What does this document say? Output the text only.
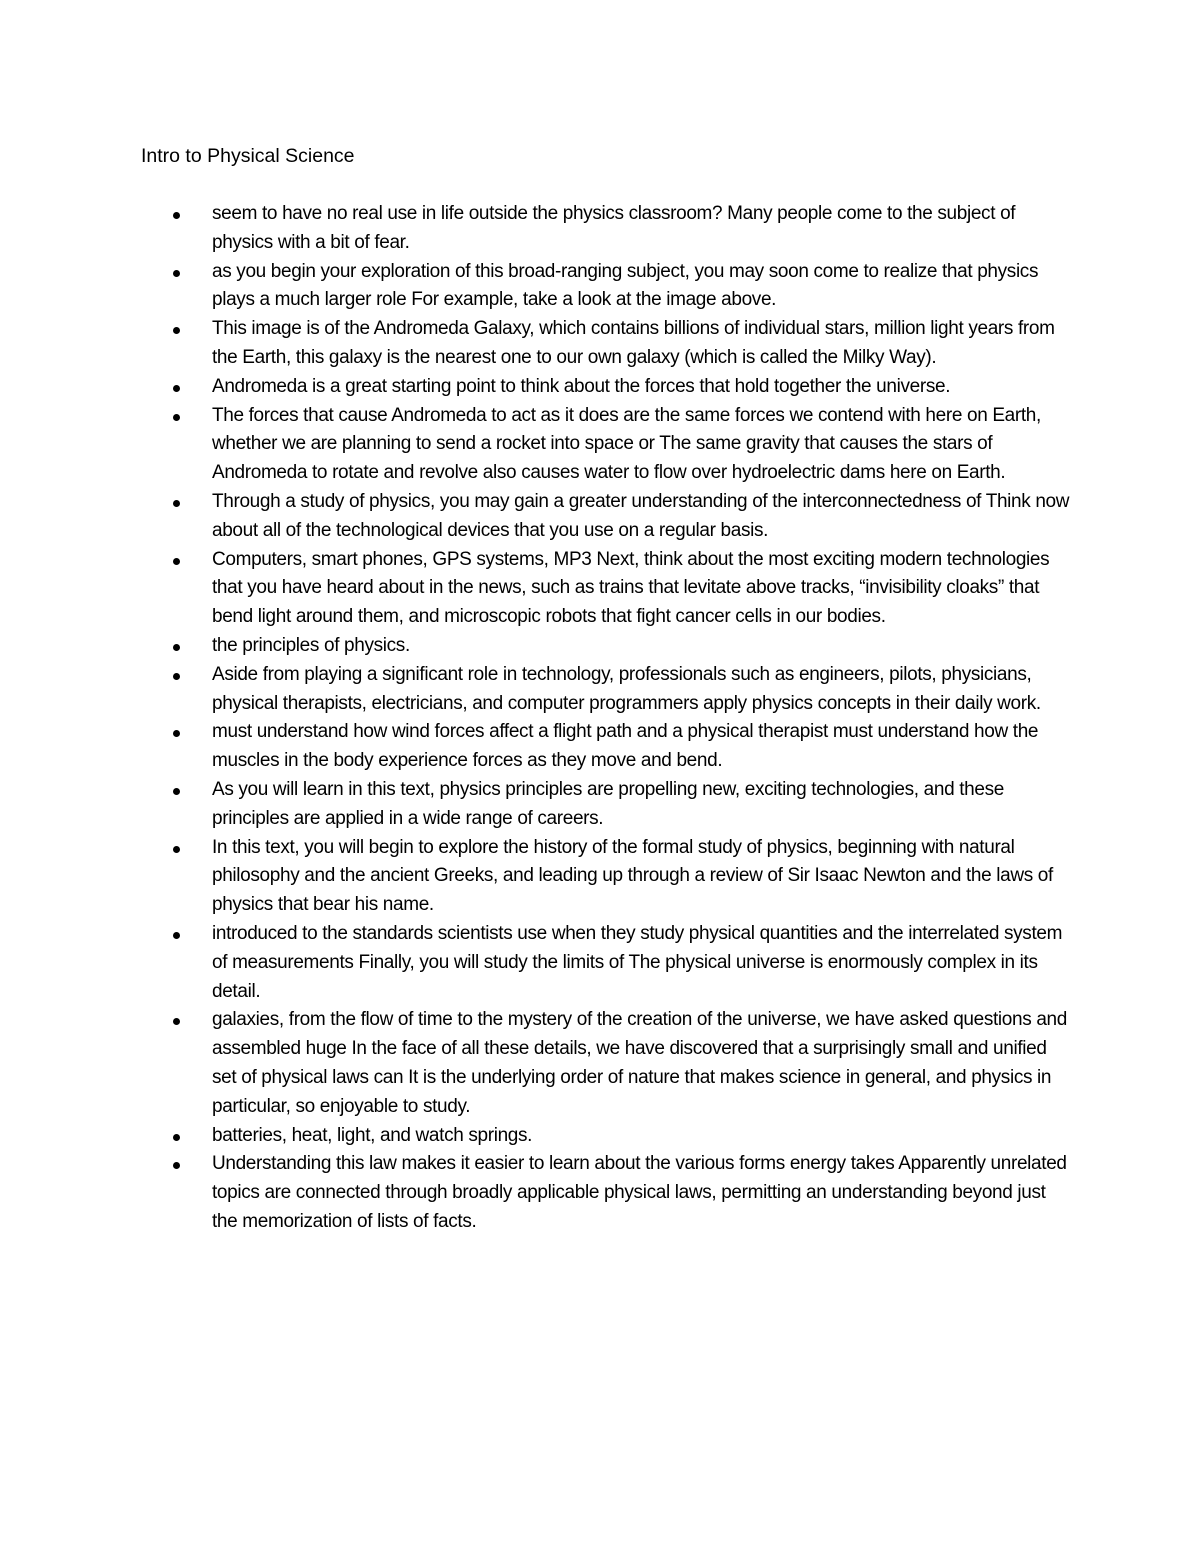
Intro to Physical Science
seem to have no real use in life outside the physics classroom? Many people come to the subject of physics with a bit of fear.
as you begin your exploration of this broad-ranging subject, you may soon come to realize that physics plays a much larger role For example, take a look at the image above.
This image is of the Andromeda Galaxy, which contains billions of individual stars, million light years from the Earth, this galaxy is the nearest one to our own galaxy (which is called the Milky Way).
Andromeda is a great starting point to think about the forces that hold together the universe.
The forces that cause Andromeda to act as it does are the same forces we contend with here on Earth, whether we are planning to send a rocket into space or The same gravity that causes the stars of Andromeda to rotate and revolve also causes water to flow over hydroelectric dams here on Earth.
Through a study of physics, you may gain a greater understanding of the interconnectedness of Think now about all of the technological devices that you use on a regular basis.
Computers, smart phones, GPS systems, MP3 Next, think about the most exciting modern technologies that you have heard about in the news, such as trains that levitate above tracks, “invisibility cloaks” that bend light around them, and microscopic robots that fight cancer cells in our bodies.
the principles of physics.
Aside from playing a significant role in technology, professionals such as engineers, pilots, physicians, physical therapists, electricians, and computer programmers apply physics concepts in their daily work.
must understand how wind forces affect a flight path and a physical therapist must understand how the muscles in the body experience forces as they move and bend.
As you will learn in this text, physics principles are propelling new, exciting technologies, and these principles are applied in a wide range of careers.
In this text, you will begin to explore the history of the formal study of physics, beginning with natural philosophy and the ancient Greeks, and leading up through a review of Sir Isaac Newton and the laws of physics that bear his name.
introduced to the standards scientists use when they study physical quantities and the interrelated system of measurements Finally, you will study the limits of The physical universe is enormously complex in its detail.
galaxies, from the flow of time to the mystery of the creation of the universe, we have asked questions and assembled huge In the face of all these details, we have discovered that a surprisingly small and unified set of physical laws can It is the underlying order of nature that makes science in general, and physics in particular, so enjoyable to study.
batteries, heat, light, and watch springs.
Understanding this law makes it easier to learn about the various forms energy takes Apparently unrelated topics are connected through broadly applicable physical laws, permitting an understanding beyond just the memorization of lists of facts.
